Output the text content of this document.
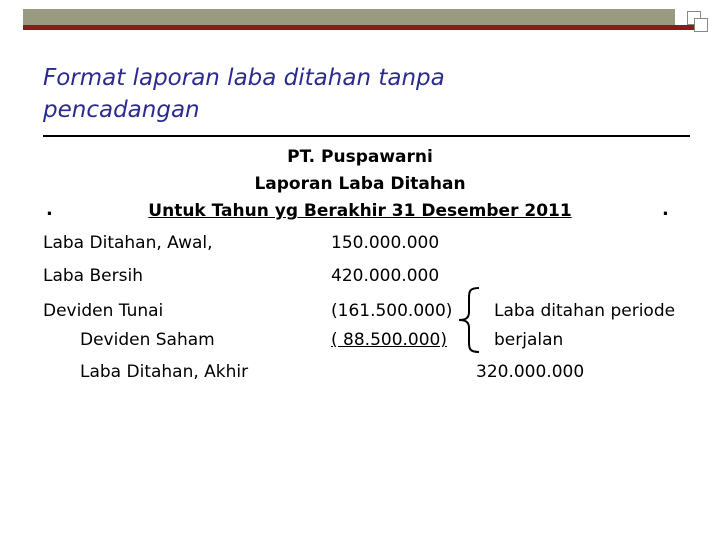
Format laporan laba ditahan tanpa pencadangan
PT. Puspawarni
Laporan Laba Ditahan
Untuk Tahun yg Berakhir 31 Desember 2011
.	.
Laba Ditahan, Awal,	150.000.000
Laba Bersih	420.000.000
Deviden Tunai	(161.500.000)
Deviden Saham	( 88.500.000)
Laba ditahan periode
berjalan
Laba Ditahan, Akhir	320.000.000
